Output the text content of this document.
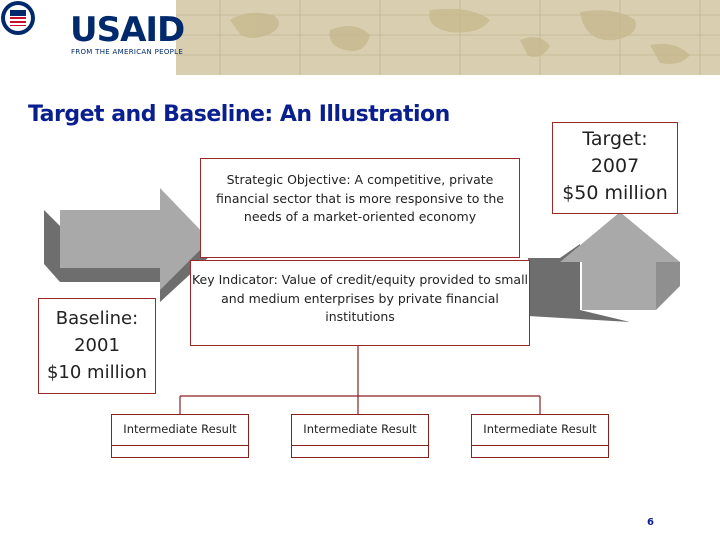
USAID
FROM THE AMERICAN PEOPLE
Target and Baseline: An Illustration
Strategic Objective: A competitive, private financial sector that is more responsive to the needs of a market-oriented economy
Key Indicator: Value of credit/equity provided to small and medium enterprises by private financial institutions
Target:
2007
$50 million
Baseline:
2001
$10 million
Intermediate Result	Intermediate Result	Intermediate Result
6
